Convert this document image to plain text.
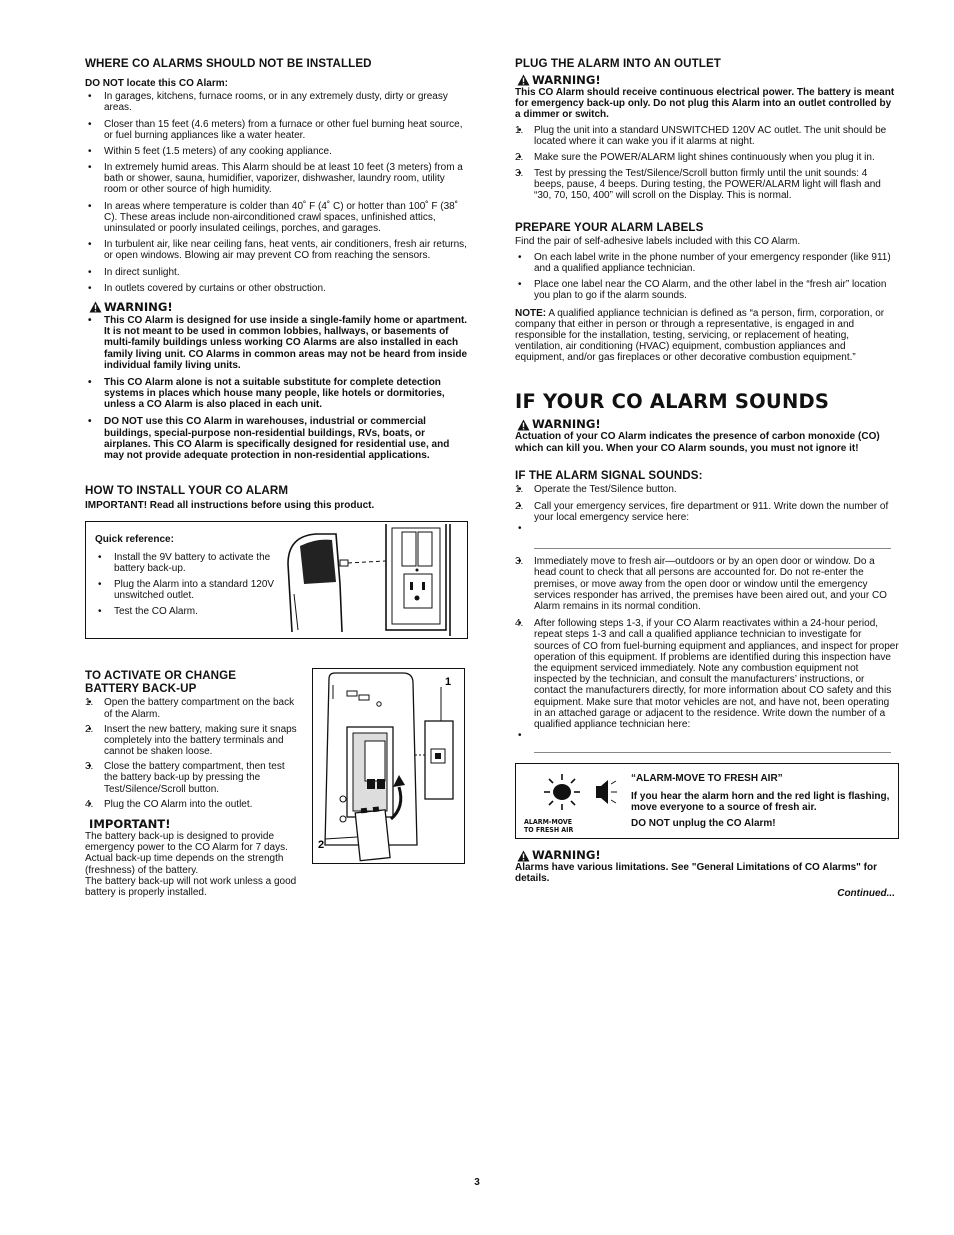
WHERE CO ALARMS SHOULD NOT BE INSTALLED

DO NOT locate this CO Alarm:

• In garages, kitchens, furnace rooms, or in any extremely dusty, dirty or greasy areas.
• Closer than 15 feet (4.6 meters) from a furnace or other fuel burning heat source, or fuel burning appliances like a water heater.
• Within 5 feet (1.5 meters) of any cooking appliance.
• In extremely humid areas. This Alarm should be at least 10 feet (3 meters) from a bath or shower, sauna, humidifier, vaporizer, dishwasher, laundry room, utility room or other source of high humidity.
• In areas where temperature is colder than 40˚ F (4˚ C) or hotter than 100˚ F (38˚ C). These areas include non-airconditioned crawl spaces, unfinished attics, uninsulated or poorly insulated ceilings, porches, and garages.
• In turbulent air, like near ceiling fans, heat vents, air conditioners, fresh air returns, or open windows. Blowing air may prevent CO from reaching the sensors.
• In direct sunlight.
• In outlets covered by curtains or other obstruction.
WARNING!
• This CO Alarm is designed for use inside a single-family home or apartment. It is not meant to be used in common lobbies, hallways, or basements of multi-family buildings unless working CO Alarms are also installed in each family living unit. CO Alarms in common areas may not be heard from inside individual family living units.
• This CO Alarm alone is not a suitable substitute for complete detection systems in places which house many people, like hotels or dormitories, unless a CO Alarm is also placed in each unit.
• DO NOT use this CO Alarm in warehouses, industrial or commercial buildings, special-purpose non-residential buildings, RVs, boats, or airplanes. This CO Alarm is specifically designed for residential use, and may not provide adequate protection in non-residential applications.
HOW TO INSTALL YOUR CO ALARM

IMPORTANT! Read all instructions before using this product.

Quick reference:

• Install the 9V battery to activate the battery back-up.
• Plug the Alarm into a standard 120V unswitched outlet.
• Test the CO Alarm.
TO ACTIVATE OR CHANGE
BATTERY BACK-UP
• 1. Open the battery compartment on the back of the Alarm.
• 2. Insert the new battery, making sure it snaps completely into the battery terminals and cannot be shaken loose.
• 3. Close the battery compartment, then test the battery back-up by pressing the Test/Silence/Scroll button.
• 4. Plug the CO Alarm into the outlet.
IMPORTANT!

The battery back-up is designed to provide emergency power to the CO Alarm for 7 days. Actual back-up time depends on the strength (freshness) of the battery.
The battery back-up will not work unless a good battery is properly installed.

1
2
PLUG THE ALARM INTO AN OUTLET
WARNING!

This CO Alarm should receive continuous electrical power. The battery is meant for emergency back-up only. Do not plug this Alarm into an outlet controlled by a dimmer or switch.

• 1. Plug the unit into a standard UNSWITCHED 120V AC outlet. The unit should be located where it can wake you if it alarms at night.
• 2. Make sure the POWER/ALARM light shines continuously when you plug it in.
• 3. Test by pressing the Test/Silence/Scroll button firmly until the unit sounds: 4 beeps, pause, 4 beeps. During testing, the POWER/ALARM light will flash and “30, 70, 150, 400” will scroll on the Display. This is normal.
PREPARE YOUR ALARM LABELS

Find the pair of self-adhesive labels included with this CO Alarm.

• On each label write in the phone number of your emergency responder (like 911) and a qualified appliance technician.
• Place one label near the CO Alarm, and the other label in the “fresh air” location you plan to go if the alarm sounds.

NOTE: A qualified appliance technician is defined as “a person, firm, corporation, or company that either in person or through a representative, is engaged in and responsible for the installation, testing, servicing, or replacement of heating, ventilation, air conditioning (HVAC) equipment, combustion appliances and equipment, and/or gas fireplaces or other decorative combustion equipment.”

IF YOUR CO ALARM SOUNDS
WARNING!

Actuation of your CO Alarm indicates the presence of carbon monoxide (CO) which can kill you. When your CO Alarm sounds, you must not ignore it!

IF THE ALARM SIGNAL SOUNDS:
• 1. Operate the Test/Silence button.
• 2. Call your emergency services, fire department or 911. Write down the number of your local emergency service here:
•
• 3. Immediately move to fresh air—outdoors or by an open door or window. Do a head count to check that all persons are accounted for. Do not re-enter the premises, or move away from the open door or window until the emergency services responder has arrived, the premises have been aired out, and your CO Alarm remains in its normal condition.
• 4. After following steps 1-3, if your CO Alarm reactivates within a 24-hour period, repeat steps 1-3 and call a qualified appliance technician to investigate for sources of CO from fuel-burning equipment and appliances, and inspect for proper operation of this equipment. If problems are identified during this inspection have the equipment serviced immediately. Note any combustion equipment not inspected by the technician, and consult the manufacturers’ instructions, or contact the manufacturers directly, for more information about CO safety and this equipment. Make sure that motor vehicles are not, and have not, been operating in an attached garage or adjacent to the residence. Write down the number of a qualified appliance technician here:
•
ALARM-MOVE
TO FRESH AIR

“ALARM-MOVE TO FRESH AIR”

If you hear the alarm horn and the red light is flashing, move everyone to a source of fresh air.

DO NOT unplug the CO Alarm!

WARNING!

Alarms have various limitations. See "General Limitations of CO Alarms" for details.

Continued...

3
